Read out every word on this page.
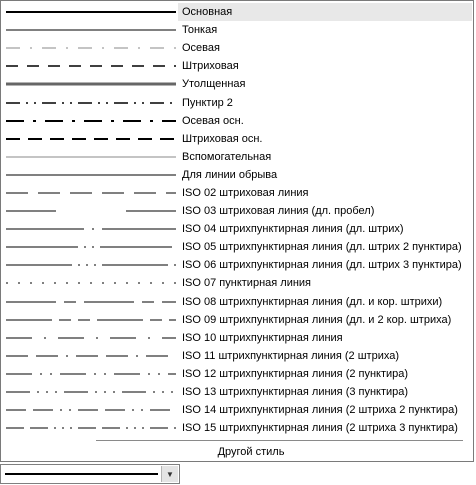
Основная
Тонкая
Осевая
Штриховая
Утолщенная
Пунктир 2
Осевая осн.
Штриховая осн.
Вспомогательная
Для линии обрыва
ISO 02 штриховая линия
ISO 03 штриховая линия (дл. пробел)
ISO 04 штрихпунктирная линия (дл. штрих)
ISO 05 штрихпунктирная линия (дл. штрих 2 пунктира)
ISO 06 штрихпунктирная линия (дл. штрих 3 пунктира)
ISO 07 пунктирная линия
ISO 08 штрихпунктирная линия (дл. и кор. штрихи)
ISO 09 штрихпунктирная линия (дл. и 2 кор. штриха)
ISO 10 штрихпунктирная линия
ISO 11 штрихпунктирная линия (2 штриха)
ISO 12 штрихпунктирная линия (2 пунктира)
ISO 13 штрихпунктирная линия (3 пунктира)
ISO 14 штрихпунктирная линия (2 штриха 2 пунктира)
ISO 15 штрихпунктирная линия (2 штриха 3 пунктира)
Другой стиль
▼
